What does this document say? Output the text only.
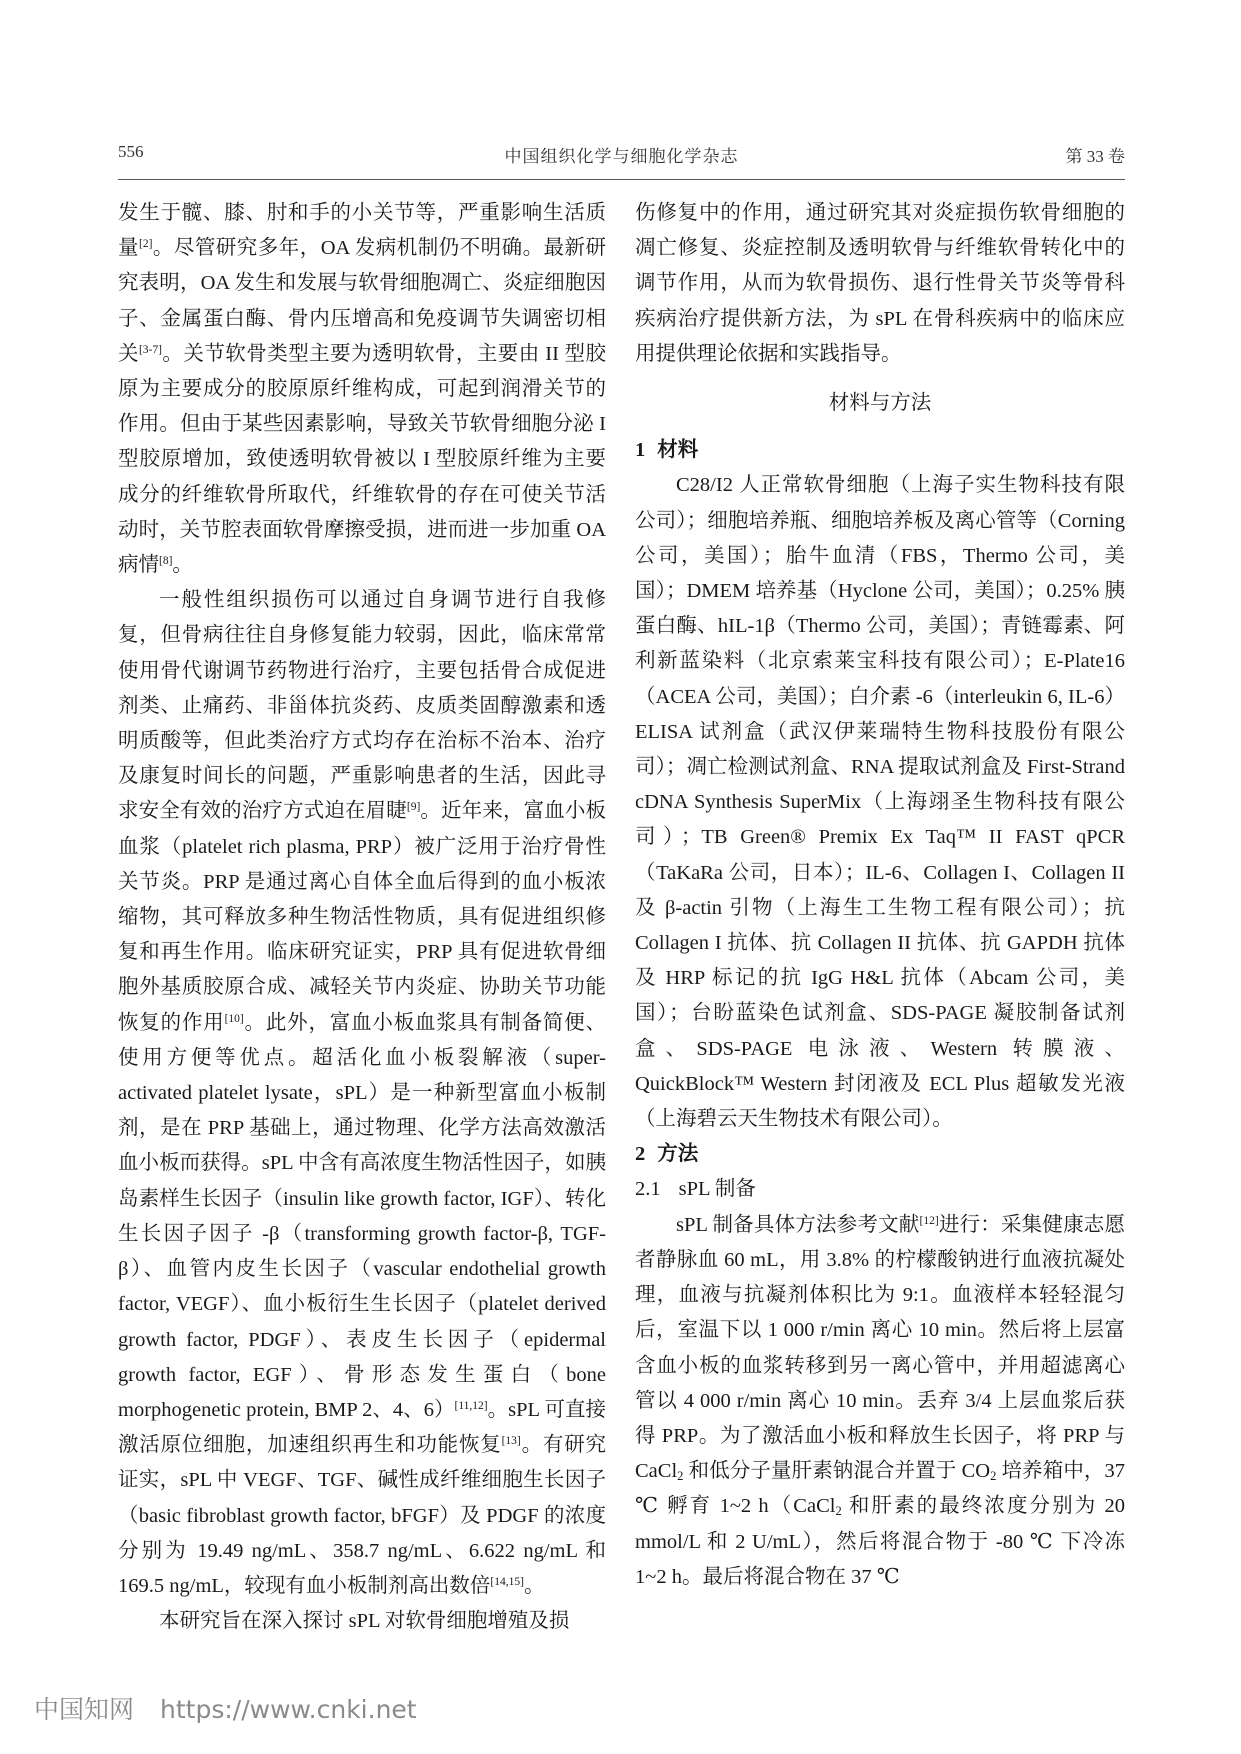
556	中国组织化学与细胞化学杂志	第 33 卷

发生于髋、膝、肘和手的小关节等，严重影响生活质量[2]。尽管研究多年，OA 发病机制仍不明确。最新研究表明，OA 发生和发展与软骨细胞凋亡、炎症细胞因子、金属蛋白酶、骨内压增高和免疫调节失调密切相关[3-7]。关节软骨类型主要为透明软骨，主要由 II 型胶原为主要成分的胶原原纤维构成，可起到润滑关节的作用。但由于某些因素影响，导致关节软骨细胞分泌 I 型胶原增加，致使透明软骨被以 I 型胶原纤维为主要成分的纤维软骨所取代，纤维软骨的存在可使关节活动时，关节腔表面软骨摩擦受损，进而进一步加重 OA 病情[8]。

一般性组织损伤可以通过自身调节进行自我修复，但骨病往往自身修复能力较弱，因此，临床常常使用骨代谢调节药物进行治疗，主要包括骨合成促进剂类、止痛药、非甾体抗炎药、皮质类固醇激素和透明质酸等，但此类治疗方式均存在治标不治本、治疗及康复时间长的问题，严重影响患者的生活，因此寻求安全有效的治疗方式迫在眉睫[9]。近年来，富血小板血浆（platelet rich plasma, PRP）被广泛用于治疗骨性关节炎。PRP 是通过离心自体全血后得到的血小板浓缩物，其可释放多种生物活性物质，具有促进组织修复和再生作用。临床研究证实，PRP 具有促进软骨细胞外基质胶原合成、减轻关节内炎症、协助关节功能恢复的作用[10]。此外，富血小板血浆具有制备简便、使用方便等优点。超活化血小板裂解液（super-activated platelet lysate，sPL）是一种新型富血小板制剂，是在 PRP 基础上，通过物理、化学方法高效激活血小板而获得。sPL 中含有高浓度生物活性因子，如胰岛素样生长因子（insulin like growth factor, IGF）、转化生长因子因子 -β（transforming growth factor-β, TGF-β）、血管内皮生长因子（vascular endothelial growth factor, VEGF）、血小板衍生生长因子（platelet derived growth factor, PDGF）、表皮生长因子（epidermal growth factor, EGF）、骨形态发生蛋白（bone morphogenetic protein, BMP 2、4、6）[11,12]。sPL 可直接激活原位细胞，加速组织再生和功能恢复[13]。有研究证实，sPL 中 VEGF、TGF、碱性成纤维细胞生长因子（basic fibroblast growth factor, bFGF）及 PDGF 的浓度分别为 19.49 ng/mL、358.7 ng/mL、6.622 ng/mL 和 169.5 ng/mL，较现有血小板制剂高出数倍[14,15]。

本研究旨在深入探讨 sPL 对软骨细胞增殖及损

伤修复中的作用，通过研究其对炎症损伤软骨细胞的凋亡修复、炎症控制及透明软骨与纤维软骨转化中的调节作用，从而为软骨损伤、退行性骨关节炎等骨科疾病治疗提供新方法，为 sPL 在骨科疾病中的临床应用提供理论依据和实践指导。

材料与方法

1 材料

C28/I2 人正常软骨细胞（上海子实生物科技有限公司）；细胞培养瓶、细胞培养板及离心管等（Corning 公司，美国）；胎牛血清（FBS，Thermo 公司，美国）；DMEM 培养基（Hyclone 公司，美国）；0.25% 胰蛋白酶、hIL-1β（Thermo 公司，美国）；青链霉素、阿利新蓝染料（北京索莱宝科技有限公司）；E-Plate16（ACEA 公司，美国）；白介素 -6（interleukin 6, IL-6）ELISA 试剂盒（武汉伊莱瑞特生物科技股份有限公司）；凋亡检测试剂盒、RNA 提取试剂盒及 First-Strand cDNA Synthesis SuperMix（上海翊圣生物科技有限公司）；TB Green® Premix Ex Taq™ II FAST qPCR（TaKaRa 公司，日本）；IL-6、Collagen I、Collagen II 及 β-actin 引物（上海生工生物工程有限公司）；抗 Collagen I 抗体、抗 Collagen II 抗体、抗 GAPDH 抗体及 HRP 标记的抗 IgG H&L 抗体（Abcam 公司，美国）；台盼蓝染色试剂盒、SDS-PAGE 凝胶制备试剂盒、SDS-PAGE 电泳液、Western 转膜液、QuickBlock™ Western 封闭液及 ECL Plus 超敏发光液（上海碧云天生物技术有限公司）。

2 方法

2.1 sPL 制备

sPL 制备具体方法参考文献[12]进行：采集健康志愿者静脉血 60 mL，用 3.8% 的柠檬酸钠进行血液抗凝处理，血液与抗凝剂体积比为 9:1。血液样本轻轻混匀后，室温下以 1 000 r/min 离心 10 min。然后将上层富含血小板的血浆转移到另一离心管中，并用超滤离心管以 4 000 r/min 离心 10 min。丢弃 3/4 上层血浆后获得 PRP。为了激活血小板和释放生长因子，将 PRP 与 CaCl$_2$ 和低分子量肝素钠混合并置于 $CO_2$ 培养箱中，37 ℃ 孵育 1~2 h（CaCl$_2$ 和肝素的最终浓度分别为 20 mmol/L 和 2 U/mL），然后将混合物于 -80 ℃ 下冷冻 1~2 h。最后将混合物在 37 ℃

中国知网 https://www.cnki.net
